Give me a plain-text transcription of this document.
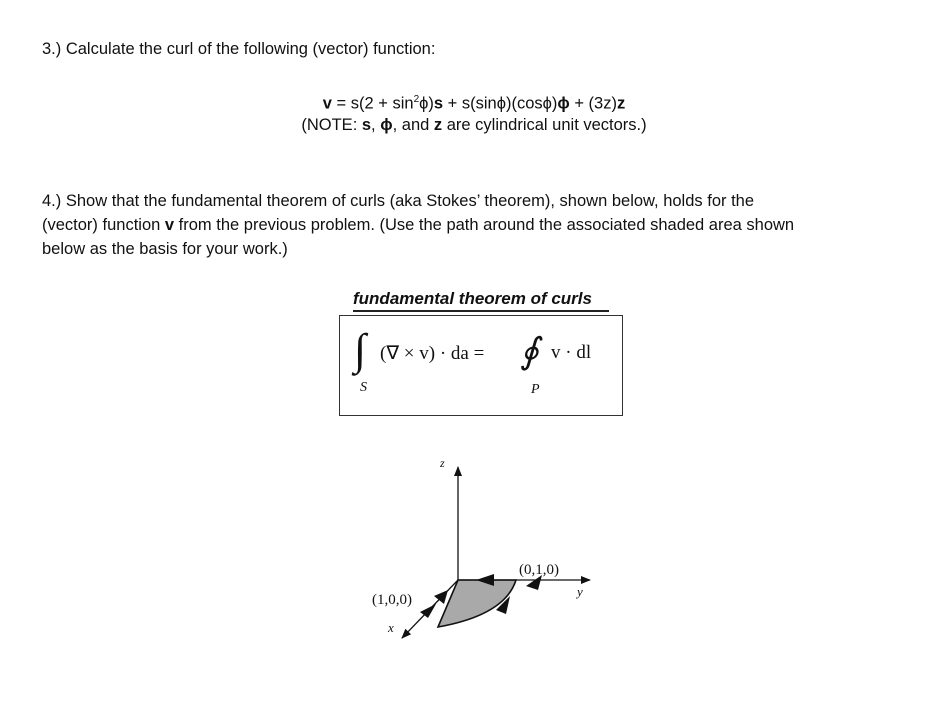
3.) Calculate the curl of the following (vector) function:
$v = s(2 + \sin^2\phi)s + s(\sin\phi)(\cos\phi)\phi + (3z)z$
(NOTE: s, ϕ, and z are cylindrical unit vectors.)
4.) Show that the fundamental theorem of curls (aka Stokes’ theorem), shown below, holds for the
(vector) function v from the previous problem. (Use the path around the associated shaded area shown
below as the basis for your work.)
fundamental theorem of curls
∫
S
(∇ × v) · da = ∮
P
v · dl
z
y
x
(0,1,0)
(1,0,0)
